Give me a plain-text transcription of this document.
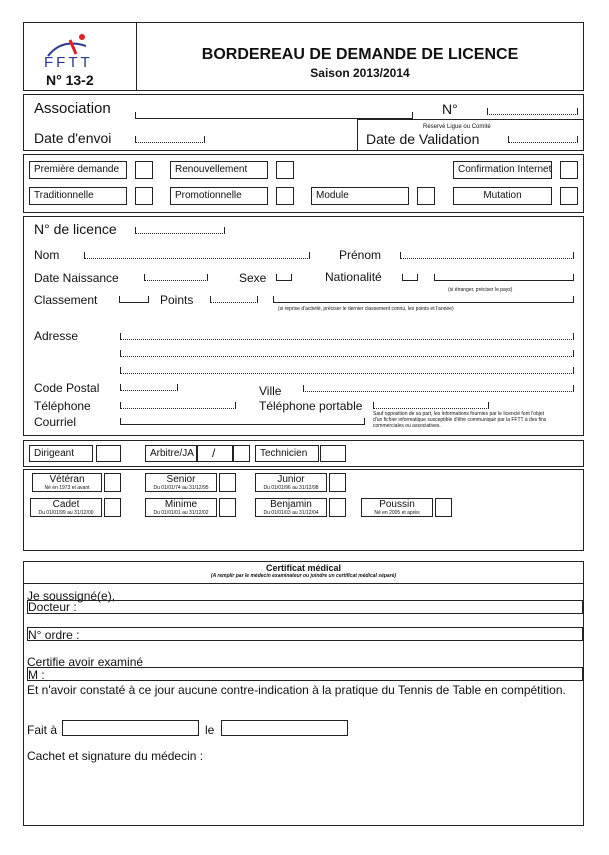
FFTT
N° 13-2
BORDEREAU DE DEMANDE DE LICENCE
Saison 2013/2014
Association	N°
Date d'envoi
Réservé Ligue ou Comité
Date de Validation
Première demande	Renouvellement	Confirmation Internet
Traditionnelle	Promotionnelle	Module	Mutation
N° de licence
Nom	Prénom
Date Naissance	Sexe	Nationalité
(si étranger, préciser le pays)
Classement	Points
(si reprise d'activité, préciser le dernier classement connu, les points et l'année)
Adresse
Code Postal	Ville
Téléphone	Téléphone portable
Sauf opposition de sa part, les informations fournies par le licencié font l'objet d'un fichier informatique susceptible d'être communiqué par la FFTT à des fins commerciales ou associatives.
Courriel
Dirigeant	Arbitre/JA /	Technicien
Vétéran
Né en 1973 et avant
Senior
Du 01/01/74 au 31/12/95
Junior
Du 01/01/96 au 31/12/98
Cadet
Du 01/01/99 au 31/12/00
Minime
Du 01/01/01 au 31/12/02
Benjamin
Du 01/01/03 au 31/12/04
Poussin
Né en 2005 et après
Certificat médical
(A remplir par le médecin examinateur ou joindre un certificat médical séparé)
Je soussigné(e),
Docteur :
N° ordre :
Certifie avoir examiné
M :
Et n'avoir constaté à ce jour aucune contre-indication à la pratique du Tennis de Table en compétition.
Fait à	le
Cachet et signature du médecin :
